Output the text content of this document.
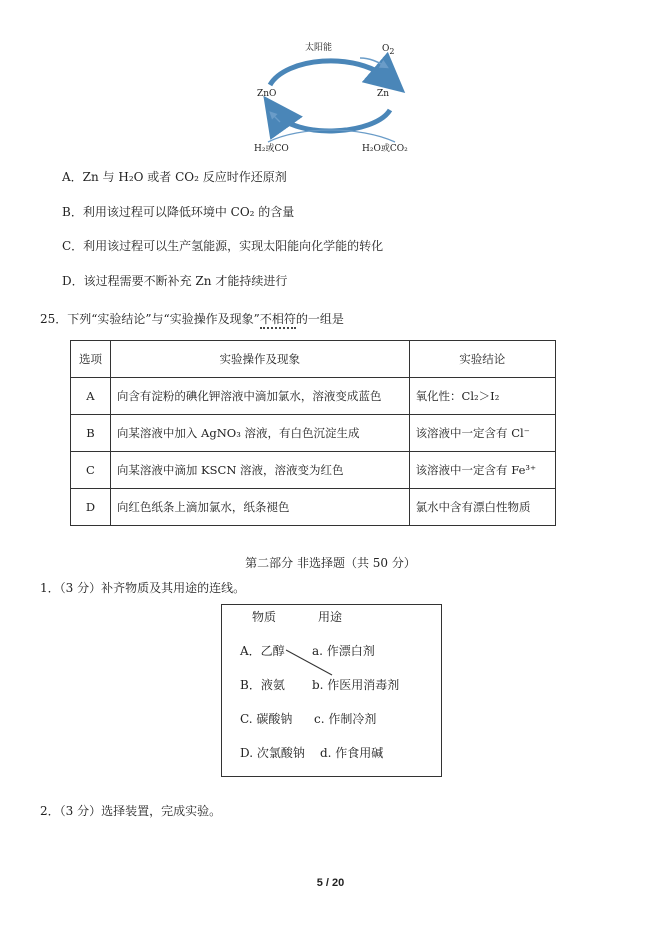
太阳能	$O_2$
ZnO	Zn
H₂或CO	H₂O或CO₂
A．Zn 与 H₂O 或者 CO₂ 反应时作还原剂
B．利用该过程可以降低环境中 CO₂ 的含量
C．利用该过程可以生产氢能源，实现太阳能向化学能的转化
D．该过程需要不断补充 Zn 才能持续进行
25．下列“实验结论”与“实验操作及现象”不相符的一组是
选项	实验操作及现象	实验结论
A	向含有淀粉的碘化钾溶液中滴加氯水，溶液变成蓝色	氧化性：Cl₂＞I₂
B	向某溶液中加入 AgNO₃ 溶液，有白色沉淀生成	该溶液中一定含有 Cl⁻
C	向某溶液中滴加 KSCN 溶液，溶液变为红色	该溶液中一定含有 Fe³⁺
D	向红色纸条上滴加氯水，纸条褪色	氯水中含有漂白性物质
第二部分 非选择题（共 50 分）
1．（3 分）补齐物质及其用途的连线。
物质	用途
A．乙醇 a. 作漂白剂
B．液氨 b. 作医用消毒剂
C. 碳酸钠 c. 作制冷剂
D. 次氯酸钠 d. 作食用碱
2．（3 分）选择装置，完成实验。
5 / 20
